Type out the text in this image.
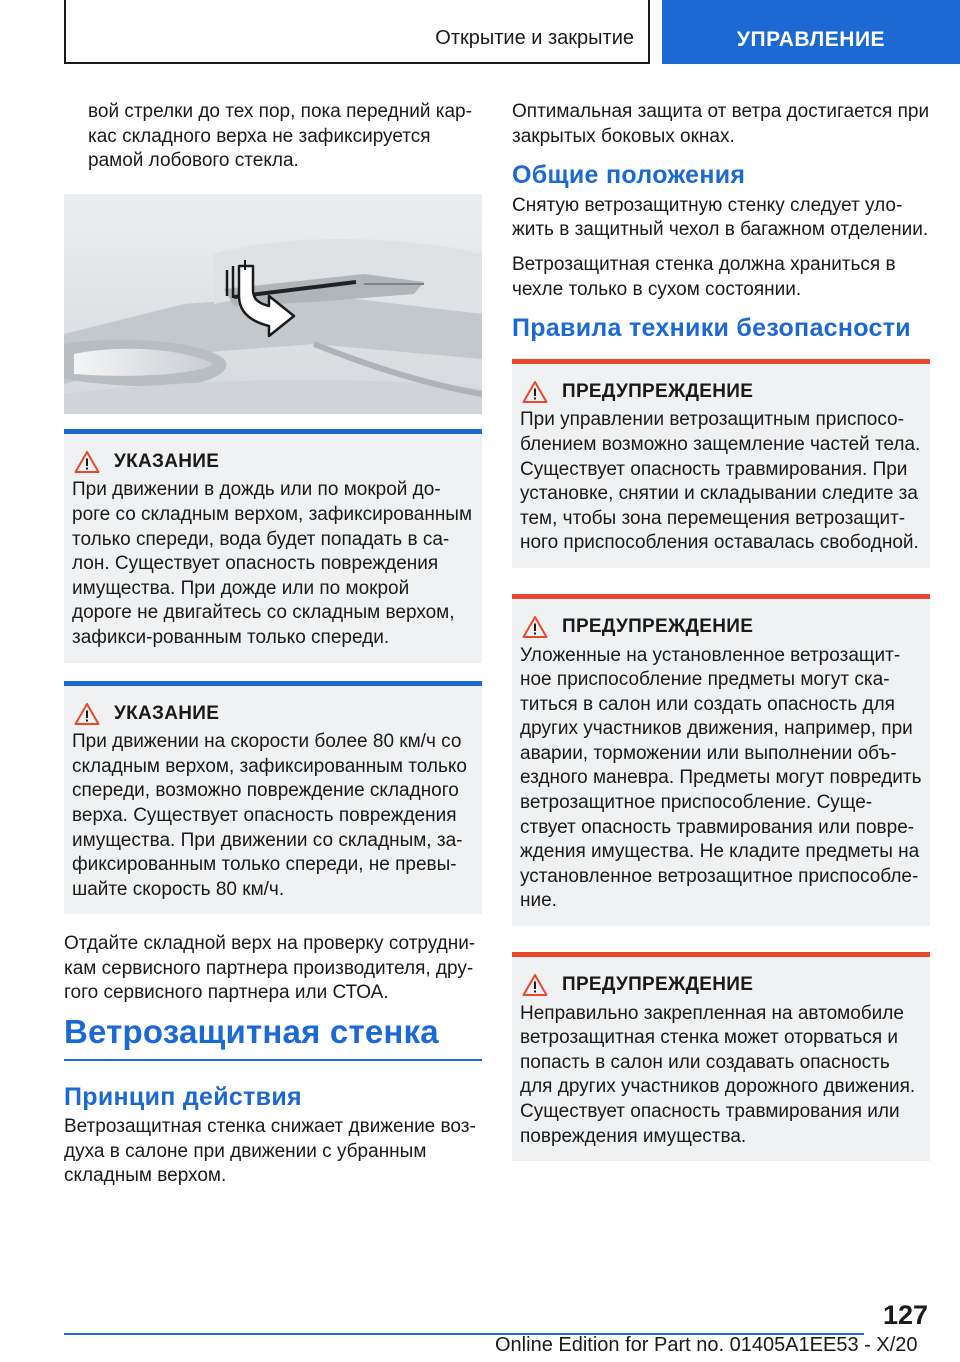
Открытие и закрытие	УПРАВЛЕНИЕ

вой стрелки до тех пор, пока передний кар-кас складного верха не зафиксируется рамой лобового стекла.

УКАЗАНИЕ
При движении в дождь или по мокрой до-роге со складным верхом, зафиксированным только спереди, вода будет попадать в са-лон. Существует опасность повреждения имущества. При дожде или по мокрой дороге не двигайтесь со складным верхом, зафикси-рованным только спереди.
УКАЗАНИЕ
При движении на скорости более 80 км/ч со складным верхом, зафиксированным только спереди, возможно повреждение складного верха. Существует опасность повреждения имущества. При движении со складным, за-фиксированным только спереди, не превы-шайте скорость 80 км/ч.

Отдайте складной верх на проверку сотрудни-кам сервисного партнера производителя, дру-гого сервисного партнера или СТОА.

Ветрозащитная стенка
Принцип действия

Ветрозащитная стенка снижает движение воз-духа в салоне при движении с убранным складным верхом.

Оптимальная защита от ветра достигается при закрытых боковых окнах.

Общие положения

Снятую ветрозащитную стенку следует уло-жить в защитный чехол в багажном отделении.

Ветрозащитная стенка должна храниться в чехле только в сухом состоянии.

Правила техники безопасности
ПРЕДУПРЕЖДЕНИЕ
При управлении ветрозащитным приспосо-блением возможно защемление частей тела. Существует опасность травмирования. При установке, снятии и складывании следите за тем, чтобы зона перемещения ветрозащит-ного приспособления оставалась свободной.
ПРЕДУПРЕЖДЕНИЕ
Уложенные на установленное ветрозащит-ное приспособление предметы могут ска-титься в салон или создать опасность для других участников движения, например, при аварии, торможении или выполнении объ-ездного маневра. Предметы могут повредить ветрозащитное приспособление. Суще-ствует опасность травмирования или повре-ждения имущества. Не кладите предметы на установленное ветрозащитное приспособле-ние.
ПРЕДУПРЕЖДЕНИЕ
Неправильно закрепленная на автомобиле ветрозащитная стенка может оторваться и попасть в салон или создавать опасность для других участников дорожного движения. Существует опасность травмирования или повреждения имущества.
127
Online Edition for Part no. 01405A1EE53 - X/20
